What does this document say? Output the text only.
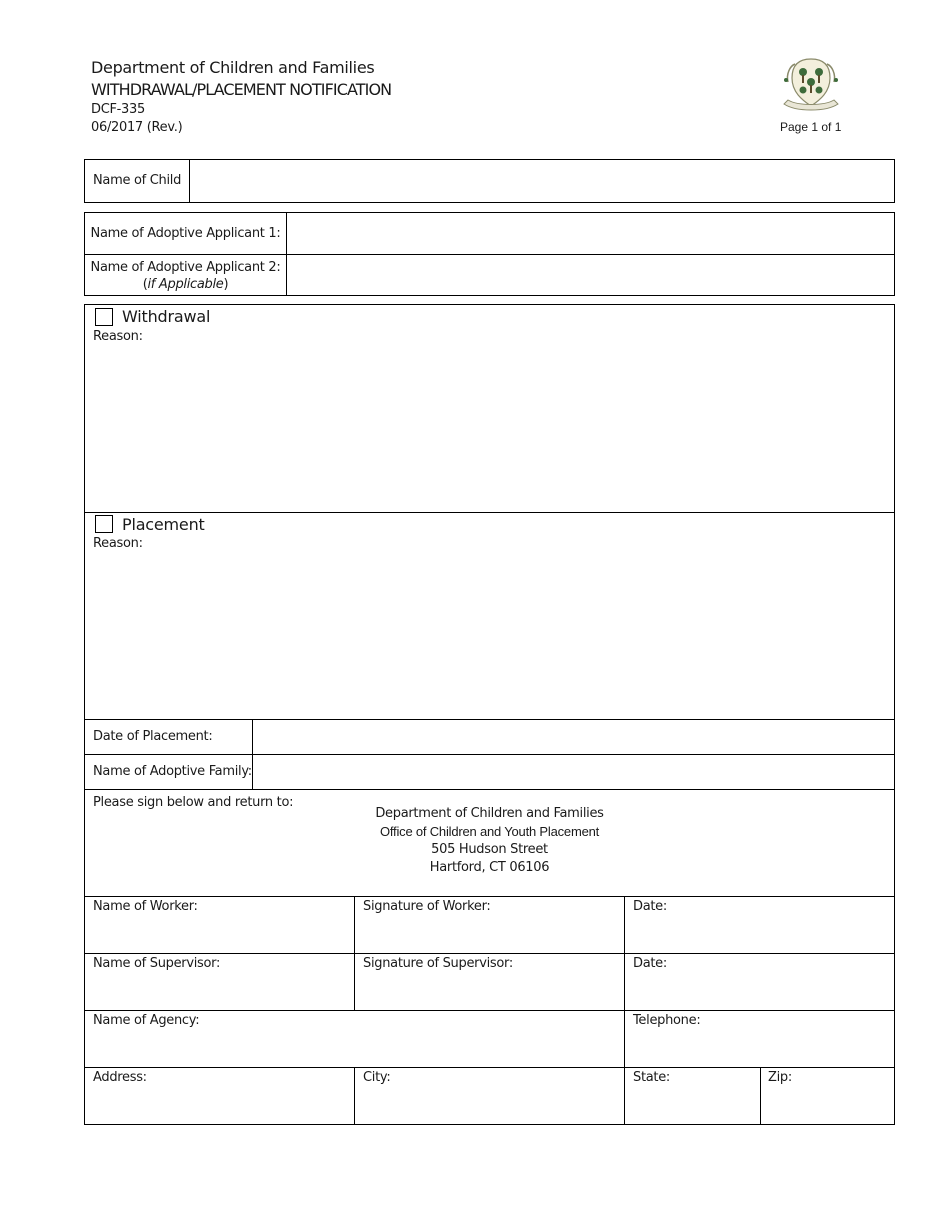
Department of Children and Families
WITHDRAWAL/PLACEMENT NOTIFICATION
DCF-335
06/2017 (Rev.)	Page 1 of 1
Name of Child
Name of Adoptive Applicant 1:
Name of Adoptive Applicant 2:
(if Applicable)
Withdrawal
Reason:
Placement
Reason:
Date of Placement:
Name of Adoptive Family:
Please sign below and return to:
Department of Children and Families
Office of Children and Youth Placement
505 Hudson Street
Hartford, CT 06106
Name of Worker:	Signature of Worker:	Date:
Name of Supervisor:	Signature of Supervisor:	Date:
Name of Agency:	Telephone:
Address:	City:	State:	Zip:
